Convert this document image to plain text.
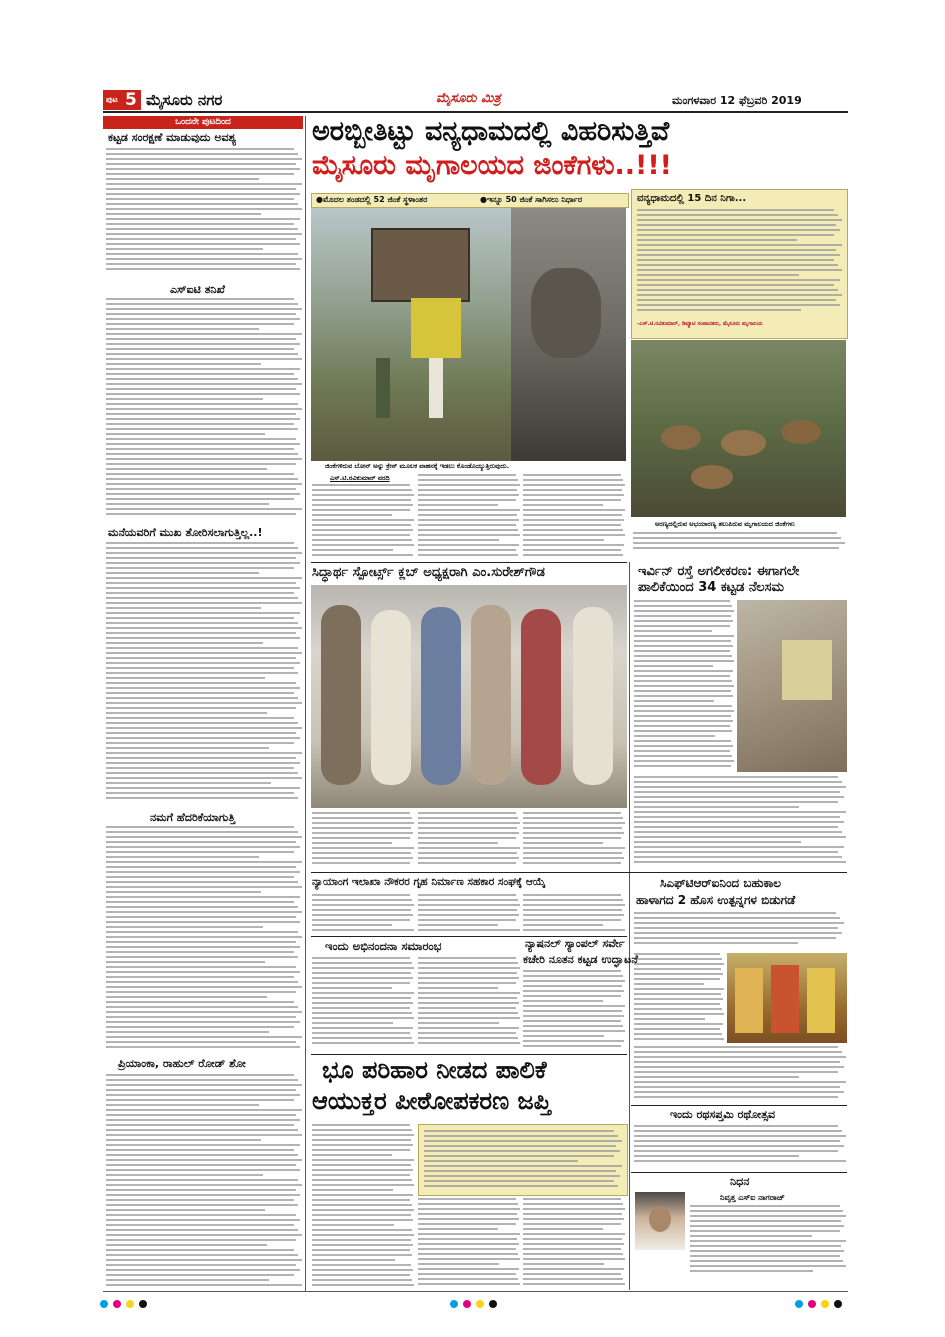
ಪುಟ 5 ಮೈಸೂರು ನಗರ	ಮೈಸೂರು ಮಿತ್ರ	ಮಂಗಳವಾರ 12 ಫೆಬ್ರವರಿ 2019
ಒಂದನೇ ಪುಟದಿಂದ
ಕಟ್ಟಡ ಸಂರಕ್ಷಣೆ ಮಾಡುವುದು ಅವಶ್ಯ
ಎಸ್‌ಐಟಿ ತನಿಖೆ
ಮನೆಯವರಿಗೆ ಮುಖ ತೋರಿಸಲಾಗುತ್ತಿಲ್ಲ..!
ನಮಗೆ ಹೆದರಿಕೆಯಾಗುತ್ತಿ
ಪ್ರಿಯಾಂಕಾ, ರಾಹುಲ್ ರೋಡ್ ಶೋ
ಅರಬ್ಬೀತಿಟ್ಟು ವನ್ಯಧಾಮದಲ್ಲಿ ವಿಹರಿಸುತ್ತಿವೆ
ಮೈಸೂರು ಮೃಗಾಲಯದ ಜಿಂಕೆಗಳು..!!!
●ಮೊದಲ ತಂಡದಲ್ಲಿ 52 ಜಿಂಕೆ ಸ್ಥಳಾಂತರ	●ಇನ್ನೂ 50 ಜಿಂಕೆ ಸಾಗಿಸಲು ನಿರ್ಧಾರ
ಜಿಂಕೆಗಳಿರುವ ಬೋನ್ ಅನ್ನು ಕ್ರೇನ್ ಮೂಲಕ ವಾಹನಕ್ಕೆ ಇಡಲು ಕೊಂಡೊಯ್ಯುತ್ತಿರುವುದು.
ಎಸ್.ಟಿ.ರವಿಕುಮಾರ್ ವರದಿ
ವನ್ಯಧಾಮದಲ್ಲಿ 15 ದಿನ ನಿಗಾ...
-ಎಸ್.ಟಿ.ರವಿಕುಮಾರ್, ಡಿಪ್ಯೂಟಿ ಸಂಪಾದಕರು, ಮೈಸೂರು ಮೃಗಾಲಯ
ಅರಣ್ಯದಲ್ಲಿರುವ ಅಭಯಾರಣ್ಯ ತಲುಪಿರುವ ಮೃಗಾಲಯದ ಜಿಂಕೆಗಳು
ಸಿದ್ಧಾರ್ಥ ಸ್ಪೋರ್ಟ್ಸ್ ಕ್ಲಬ್ ಅಧ್ಯಕ್ಷರಾಗಿ ಎಂ.ಸುರೇಶ್‌ಗೌಡ	ಇರ್ವಿನ್ ರಸ್ತೆ ಅಗಲೀಕರಣ: ಈಗಾಗಲೇ
ಪಾಲಿಕೆಯಿಂದ 34 ಕಟ್ಟಡ ನೆಲಸಮ
ನ್ಯಾಯಾಂಗ ಇಲಾಖಾ ನೌಕರರ ಗೃಹ ನಿರ್ಮಾಣ ಸಹಕಾರ ಸಂಘಕ್ಕೆ ಆಯ್ಕೆ	ಸಿಎಫ್‌ಟಿಆರ್‌ಐನಿಂದ ಬಹುಕಾಲ
ಹಾಳಾಗದ 2 ಹೊಸ ಉತ್ಪನ್ನಗಳ ಬಿಡುಗಡೆ
ಇಂದು ಅಭಿನಂದನಾ ಸಮಾರಂಭ	ನ್ಯಾಷನಲ್ ಸ್ಯಾಂಪಲ್ ಸರ್ವೇ
ಕಚೇರಿ ನೂತನ ಕಟ್ಟಡ ಉದ್ಘಾಟನೆ
ಭೂ ಪರಿಹಾರ ನೀಡದ ಪಾಲಿಕೆ
ಆಯುಕ್ತರ ಪೀಠೋಪಕರಣ ಜಪ್ತಿ	ಇಂದು ರಥಸಪ್ತಮಿ ರಥೋತ್ಸವ
ನಿಧನ
ನಿವೃತ್ತ ಎಸ್‌ಐ ನಾಗರಾಜ್
